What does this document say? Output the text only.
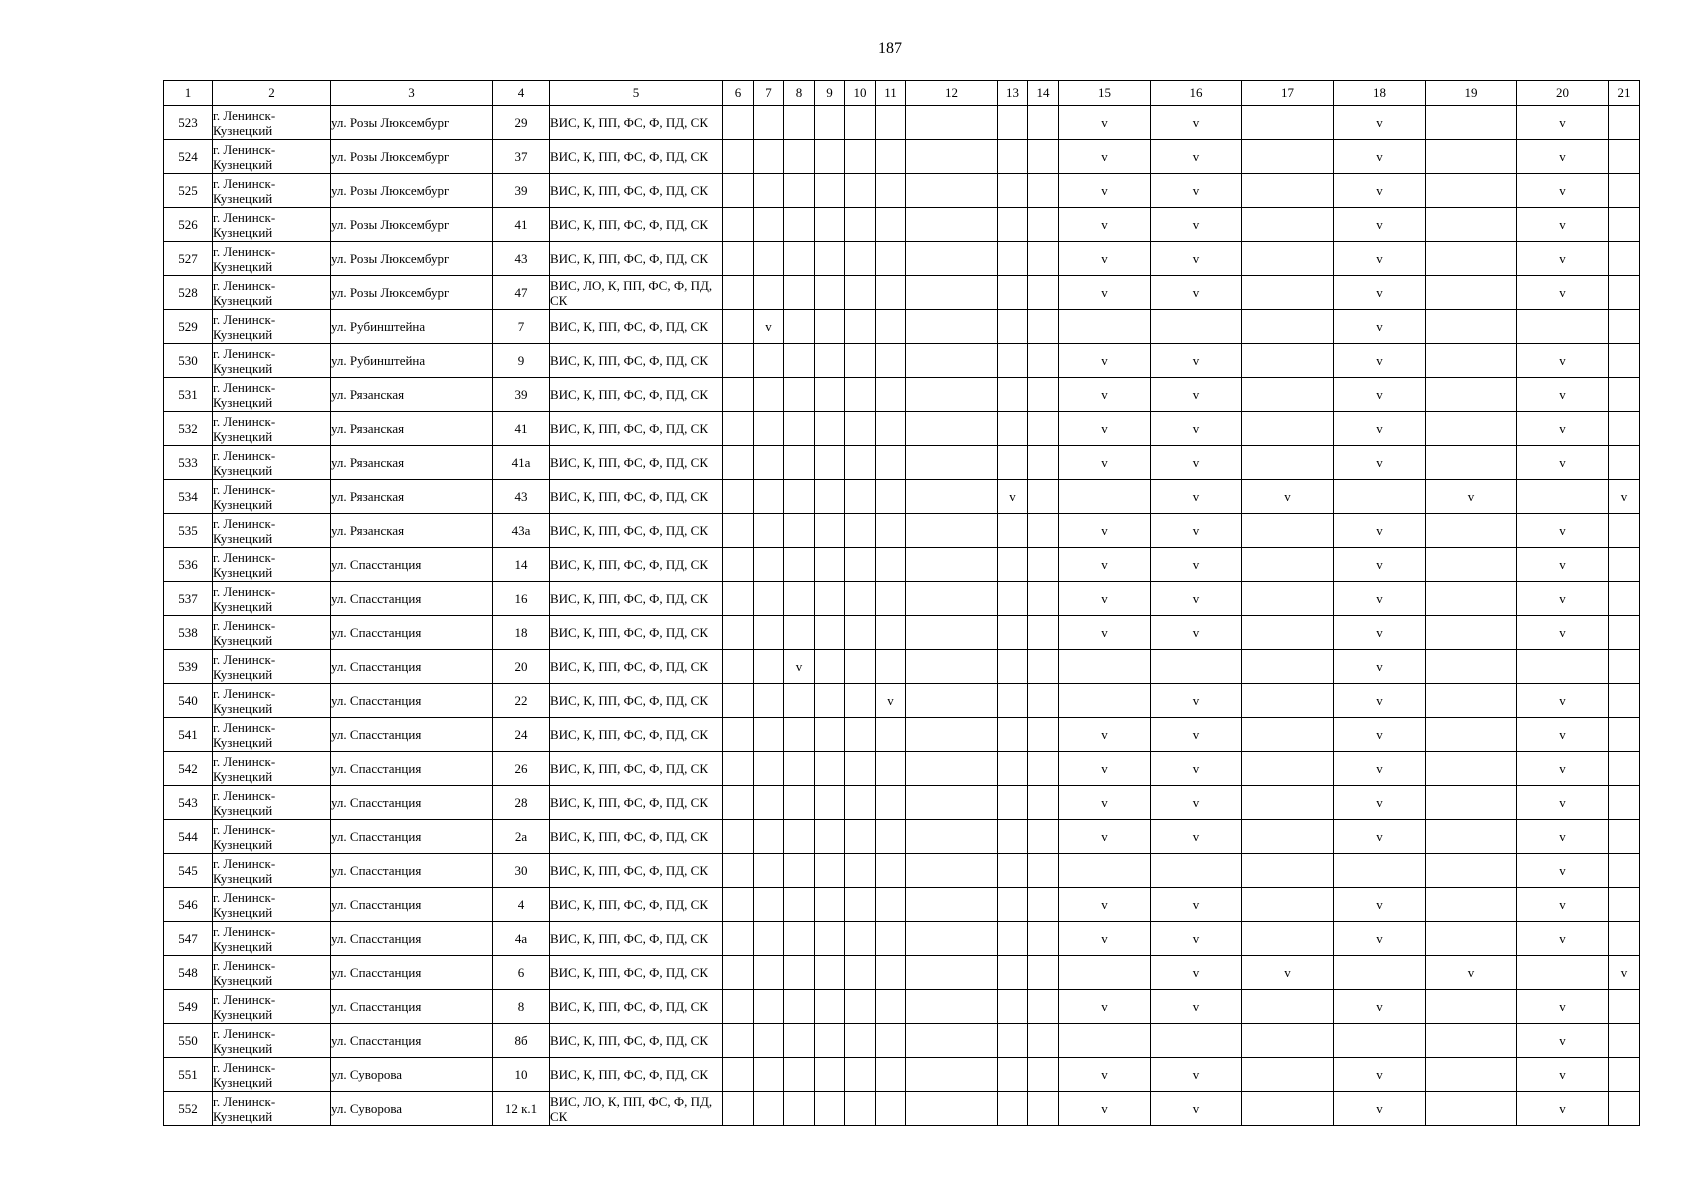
187
1	2	3	4	5	6	7	8	9	10	11	12	13	14	15	16	17	18	19	20	21
523	г. Ленинск-Кузнецкий	ул. Розы Люксембург	29	ВИС, К, ПП, ФС, Ф, ПД, СК										v	v		v		v	
524	г. Ленинск-Кузнецкий	ул. Розы Люксембург	37	ВИС, К, ПП, ФС, Ф, ПД, СК										v	v		v		v	
525	г. Ленинск-Кузнецкий	ул. Розы Люксембург	39	ВИС, К, ПП, ФС, Ф, ПД, СК										v	v		v		v	
526	г. Ленинск-Кузнецкий	ул. Розы Люксембург	41	ВИС, К, ПП, ФС, Ф, ПД, СК										v	v		v		v	
527	г. Ленинск-Кузнецкий	ул. Розы Люксембург	43	ВИС, К, ПП, ФС, Ф, ПД, СК										v	v		v		v	
528	г. Ленинск-Кузнецкий	ул. Розы Люксембург	47	ВИС, ЛО, К, ПП, ФС, Ф, ПД, СК										v	v		v		v	
529	г. Ленинск-Кузнецкий	ул. Рубинштейна	7	ВИС, К, ПП, ФС, Ф, ПД, СК		v											v			
530	г. Ленинск-Кузнецкий	ул. Рубинштейна	9	ВИС, К, ПП, ФС, Ф, ПД, СК										v	v		v		v	
531	г. Ленинск-Кузнецкий	ул. Рязанская	39	ВИС, К, ПП, ФС, Ф, ПД, СК										v	v		v		v	
532	г. Ленинск-Кузнецкий	ул. Рязанская	41	ВИС, К, ПП, ФС, Ф, ПД, СК										v	v		v		v	
533	г. Ленинск-Кузнецкий	ул. Рязанская	41а	ВИС, К, ПП, ФС, Ф, ПД, СК										v	v		v		v	
534	г. Ленинск-Кузнецкий	ул. Рязанская	43	ВИС, К, ПП, ФС, Ф, ПД, СК								v			v	v		v		v
535	г. Ленинск-Кузнецкий	ул. Рязанская	43а	ВИС, К, ПП, ФС, Ф, ПД, СК										v	v		v		v	
536	г. Ленинск-Кузнецкий	ул. Спасстанция	14	ВИС, К, ПП, ФС, Ф, ПД, СК										v	v		v		v	
537	г. Ленинск-Кузнецкий	ул. Спасстанция	16	ВИС, К, ПП, ФС, Ф, ПД, СК										v	v		v		v	
538	г. Ленинск-Кузнецкий	ул. Спасстанция	18	ВИС, К, ПП, ФС, Ф, ПД, СК										v	v		v		v	
539	г. Ленинск-Кузнецкий	ул. Спасстанция	20	ВИС, К, ПП, ФС, Ф, ПД, СК			v										v			
540	г. Ленинск-Кузнецкий	ул. Спасстанция	22	ВИС, К, ПП, ФС, Ф, ПД, СК						v					v		v		v	
541	г. Ленинск-Кузнецкий	ул. Спасстанция	24	ВИС, К, ПП, ФС, Ф, ПД, СК										v	v		v		v	
542	г. Ленинск-Кузнецкий	ул. Спасстанция	26	ВИС, К, ПП, ФС, Ф, ПД, СК										v	v		v		v	
543	г. Ленинск-Кузнецкий	ул. Спасстанция	28	ВИС, К, ПП, ФС, Ф, ПД, СК										v	v		v		v	
544	г. Ленинск-Кузнецкий	ул. Спасстанция	2а	ВИС, К, ПП, ФС, Ф, ПД, СК										v	v		v		v	
545	г. Ленинск-Кузнецкий	ул. Спасстанция	30	ВИС, К, ПП, ФС, Ф, ПД, СК															v	
546	г. Ленинск-Кузнецкий	ул. Спасстанция	4	ВИС, К, ПП, ФС, Ф, ПД, СК										v	v		v		v	
547	г. Ленинск-Кузнецкий	ул. Спасстанция	4а	ВИС, К, ПП, ФС, Ф, ПД, СК										v	v		v		v	
548	г. Ленинск-Кузнецкий	ул. Спасстанция	6	ВИС, К, ПП, ФС, Ф, ПД, СК											v	v		v		v
549	г. Ленинск-Кузнецкий	ул. Спасстанция	8	ВИС, К, ПП, ФС, Ф, ПД, СК										v	v		v		v	
550	г. Ленинск-Кузнецкий	ул. Спасстанция	8б	ВИС, К, ПП, ФС, Ф, ПД, СК															v	
551	г. Ленинск-Кузнецкий	ул. Суворова	10	ВИС, К, ПП, ФС, Ф, ПД, СК										v	v		v		v	
552	г. Ленинск-Кузнецкий	ул. Суворова	12 к.1	ВИС, ЛО, К, ПП, ФС, Ф, ПД, СК										v	v		v		v	
